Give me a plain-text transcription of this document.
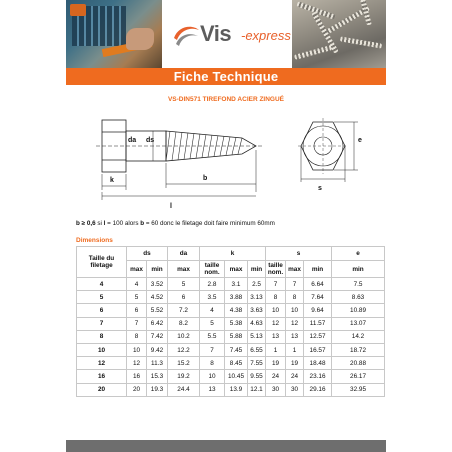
Vis -express
Fiche Technique
VS-DIN571 TIREFOND ACIER ZINGUÉ
da ds
k	b
l
e
s
b ≥ 0,6 si l = 100 alors b = 60 donc le filetage doit faire minimum 60mm
Dimensions
Taille du filetage	ds		da	k			s			e
	max	min	max	taille nom.	max	min	taille nom.	max	min	min
4	4	3.52	5	2.8	3.1	2.5	7	7	6.64	7.5
5	5	4.52	6	3.5	3.88	3.13	8	8	7.64	8.63
6	6	5.52	7.2	4	4.38	3.63	10	10	9.64	10.89
7	7	6.42	8.2	5	5.38	4.63	12	12	11.57	13.07
8	8	7.42	10.2	5.5	5.88	5.13	13	13	12.57	14.2
10	10	9.42	12.2	7	7.45	6.55	1	1	16.57	18.72
12	12	11.3	15.2	8	8.45	7.55	19	19	18.48	20.88
16	16	15.3	19.2	10	10.45	9.55	24	24	23.16	26.17
20	20	19.3	24.4	13	13.9	12.1	30	30	29.16	32.95
